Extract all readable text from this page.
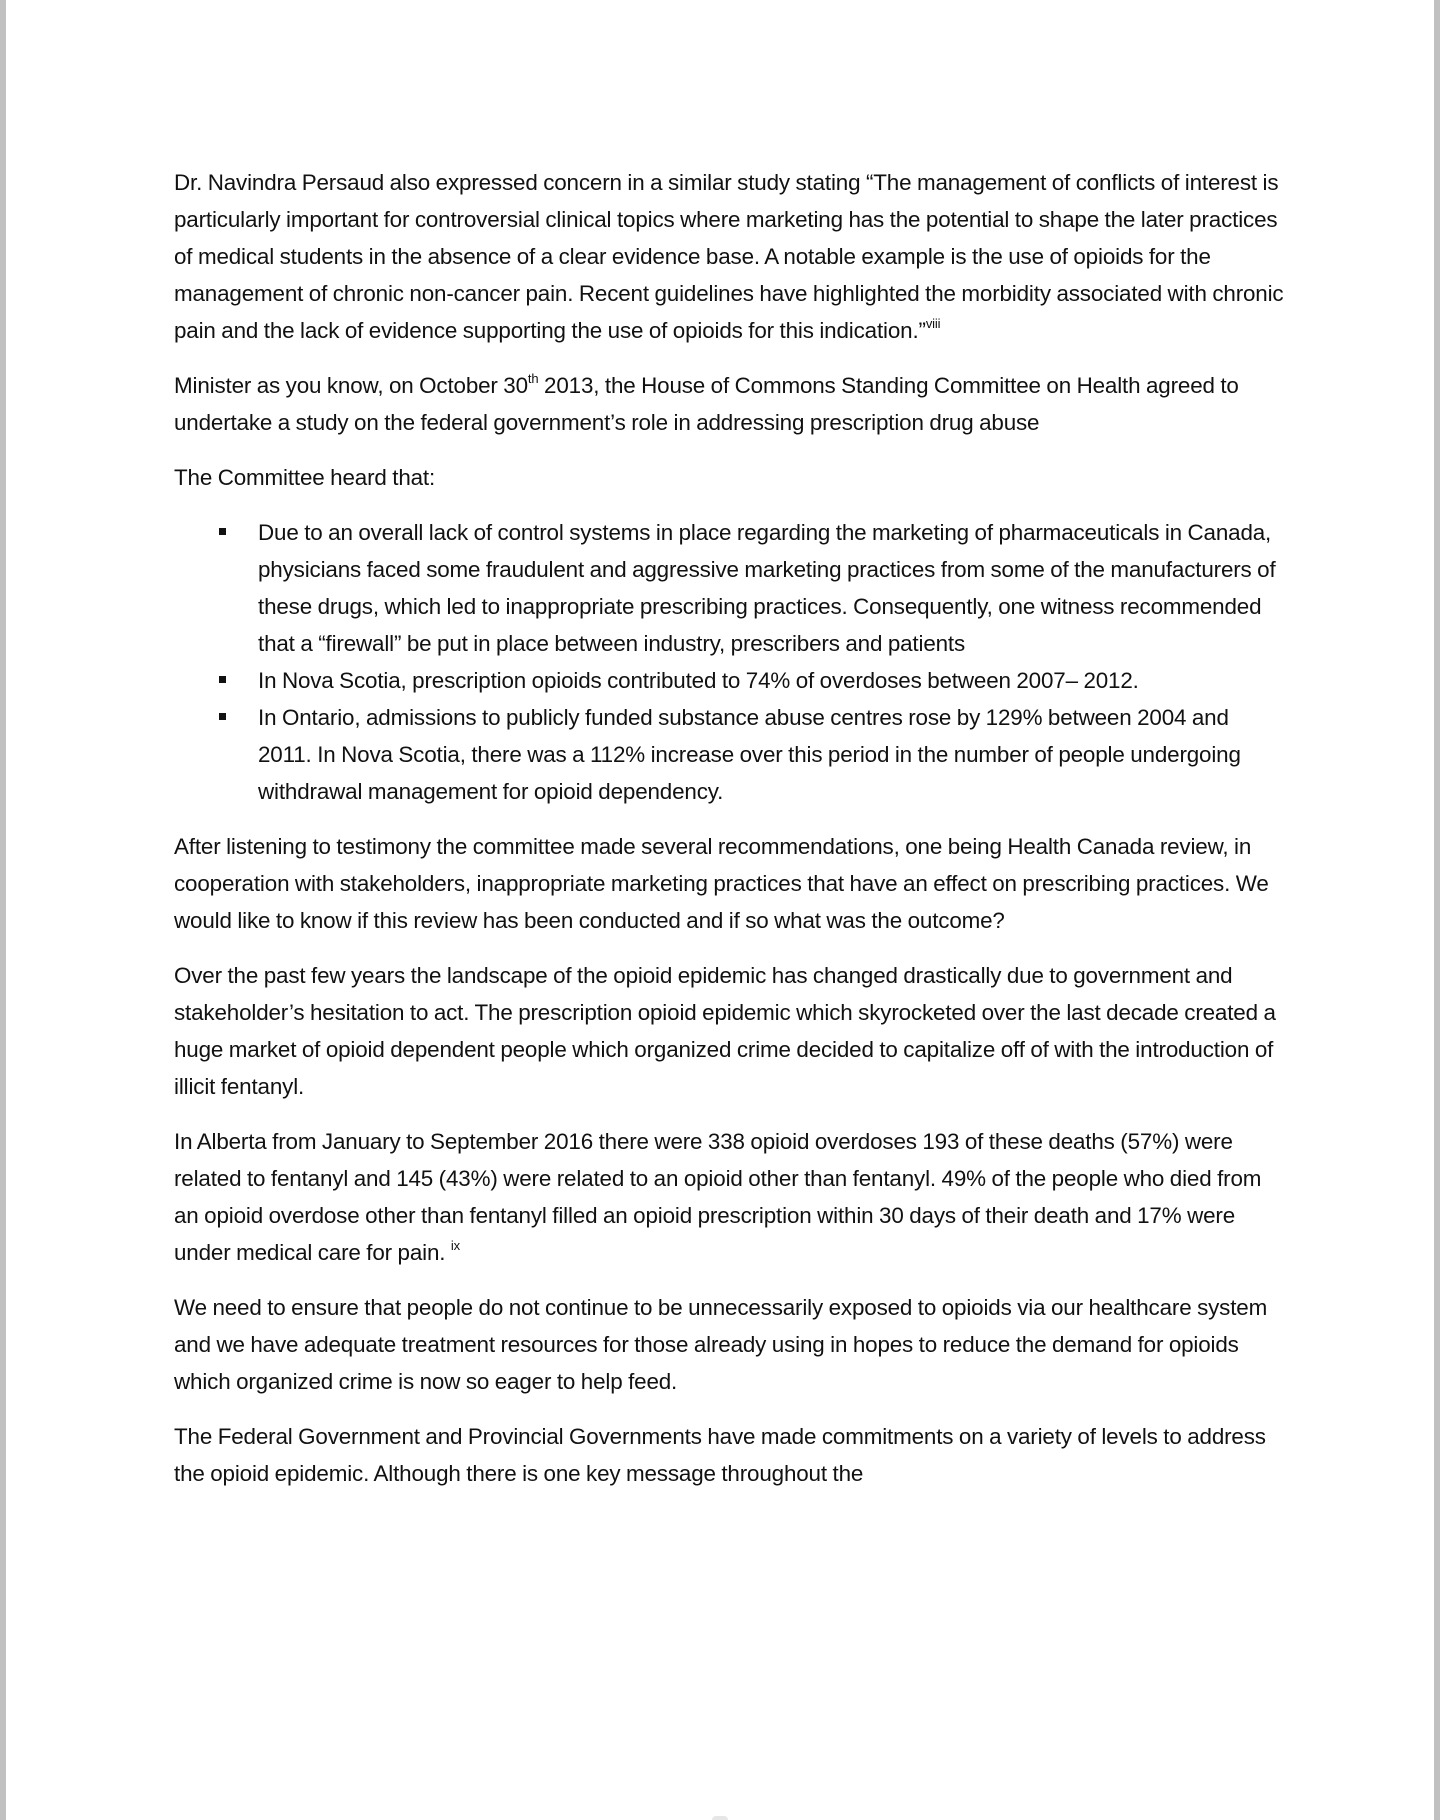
Dr. Navindra Persaud also expressed concern in a similar study stating “The management of conflicts of interest is particularly important for controversial clinical topics where marketing has the potential to shape the later practices of medical students in the absence of a clear evidence base. A notable example is the use of opioids for the management of chronic non-cancer pain. Recent guidelines have highlighted the morbidity associated with chronic pain and the lack of evidence supporting the use of opioids for this indication.”$^{viii}$

Minister as you know, on October 30th 2013, the House of Commons Standing Committee on Health agreed to undertake a study on the federal government’s role in addressing prescription drug abuse

The Committee heard that:

Due to an overall lack of control systems in place regarding the marketing of pharmaceuticals in Canada, physicians faced some fraudulent and aggressive marketing practices from some of the manufacturers of these drugs, which led to inappropriate prescribing practices. Consequently, one witness recommended that a “firewall” be put in place between industry, prescribers and patients
In Nova Scotia, prescription opioids contributed to 74% of overdoses between 2007– 2012.
In Ontario, admissions to publicly funded substance abuse centres rose by 129% between 2004 and 2011. In Nova Scotia, there was a 112% increase over this period in the number of people undergoing withdrawal management for opioid dependency.

After listening to testimony the committee made several recommendations, one being Health Canada review, in cooperation with stakeholders, inappropriate marketing practices that have an effect on prescribing practices. We would like to know if this review has been conducted and if so what was the outcome?

Over the past few years the landscape of the opioid epidemic has changed drastically due to government and stakeholder’s hesitation to act. The prescription opioid epidemic which skyrocketed over the last decade created a huge market of opioid dependent people which organized crime decided to capitalize off of with the introduction of illicit fentanyl.

In Alberta from January to September 2016 there were 338 opioid overdoses 193 of these deaths (57%) were related to fentanyl and 145 (43%) were related to an opioid other than fentanyl. 49% of the people who died from an opioid overdose other than fentanyl filled an opioid prescription within 30 days of their death and 17% were under medical care for pain. $^{ix}$

We need to ensure that people do not continue to be unnecessarily exposed to opioids via our healthcare system and we have adequate treatment resources for those already using in hopes to reduce the demand for opioids which organized crime is now so eager to help feed.

The Federal Government and Provincial Governments have made commitments on a variety of levels to address the opioid epidemic. Although there is one key message throughout the
